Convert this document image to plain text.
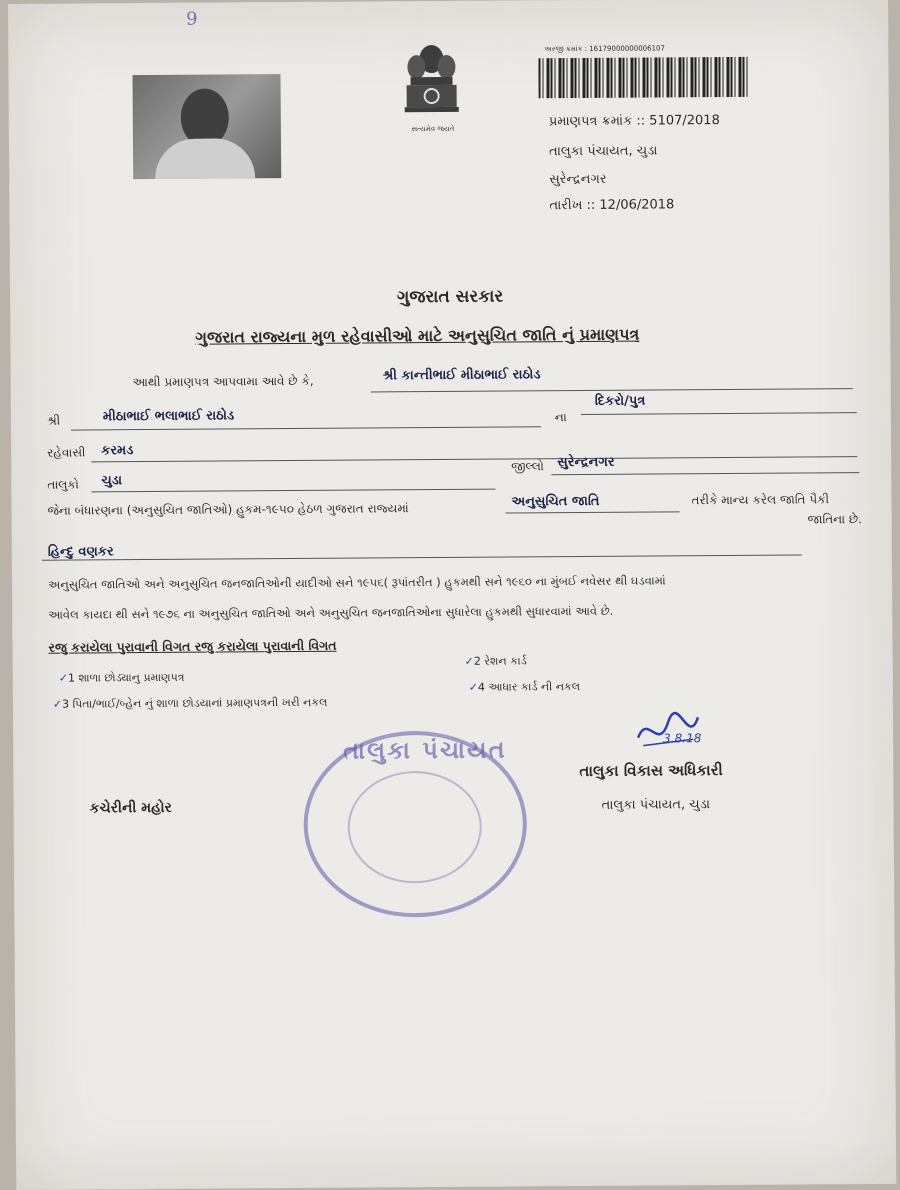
9
સત્યમેવ જયતે
અરજી ક્રમાંક : 16179000000006107
પ્રમાણપત્ર ક્રમાંક :: 5107/2018
તાલુકા પંચાયત, ચુડા
સુરેન્દ્રનગર
તારીખ :: 12/06/2018
ગુજરાત સરકાર
ગુજરાત રાજ્યના મુળ રહેવાસીઓ માટે અનુસુચિત જાતિ નું પ્રમાણપત્ર
આથી પ્રમાણપત્ર આપવામા આવે છે કે,	શ્રી કાન્તીભાઈ મીઠાભાઈ રાઠોડ
શ્રી	મીઠાભાઈ ભલાભાઈ રાઠોડ	ના
દિકરો/પુત્ર
રહેવાસી કરમડ
તાલુકો ચુડા
જીલ્લો સુરેન્દ્રનગર
જેના બંધારણના (અનુસુચિત જાતિઓ) હુકમ-૧૯૫૦ હેઠળ ગુજરાત રાજ્યમાં	અનુસુચિત જાતિ	તરીકે માન્ય કરેલ જાતિ પૈકી
જાતિના છે.
હિન્દુ વણકર
અનુસુચિત જાતિઓ અને અનુસુચિત જનજાતિઓની યાદીઓ સને ૧૯૫૬( રૂપાંતરીત ) હુકમથી સને ૧૯૬૦ ના મુંબઈ નવેસર થી ઘડવામાં
આવેલ કાયદા થી સને ૧૯૭૬ ના અનુસુચિત જાતિઓ અને અનુસુચિત જનજાતિઓના સુધારેલા હુકમથી સુધારવામાં આવે છે.
રજુ કરાયેલા પુરાવાની વિગત રજુ કરાયેલા પુરાવાની વિગત
✓1 શાળા છોડ્યાનુ પ્રમાણપત્ર
✓3 પિતા/ભાઈ/બ્હેન નું શાળા છોડયાનાં પ્રમાણપત્રની ખરી નકલ
✓2 રેશન કાર્ડ
✓4 આધાર કાર્ડ ની નકલ
3.8.18
તાલુકા વિકાસ અધિકારી
તાલુકા પંચાયત, ચુડા
તાલુકા પંચાયત
કચેરીની મહોર
